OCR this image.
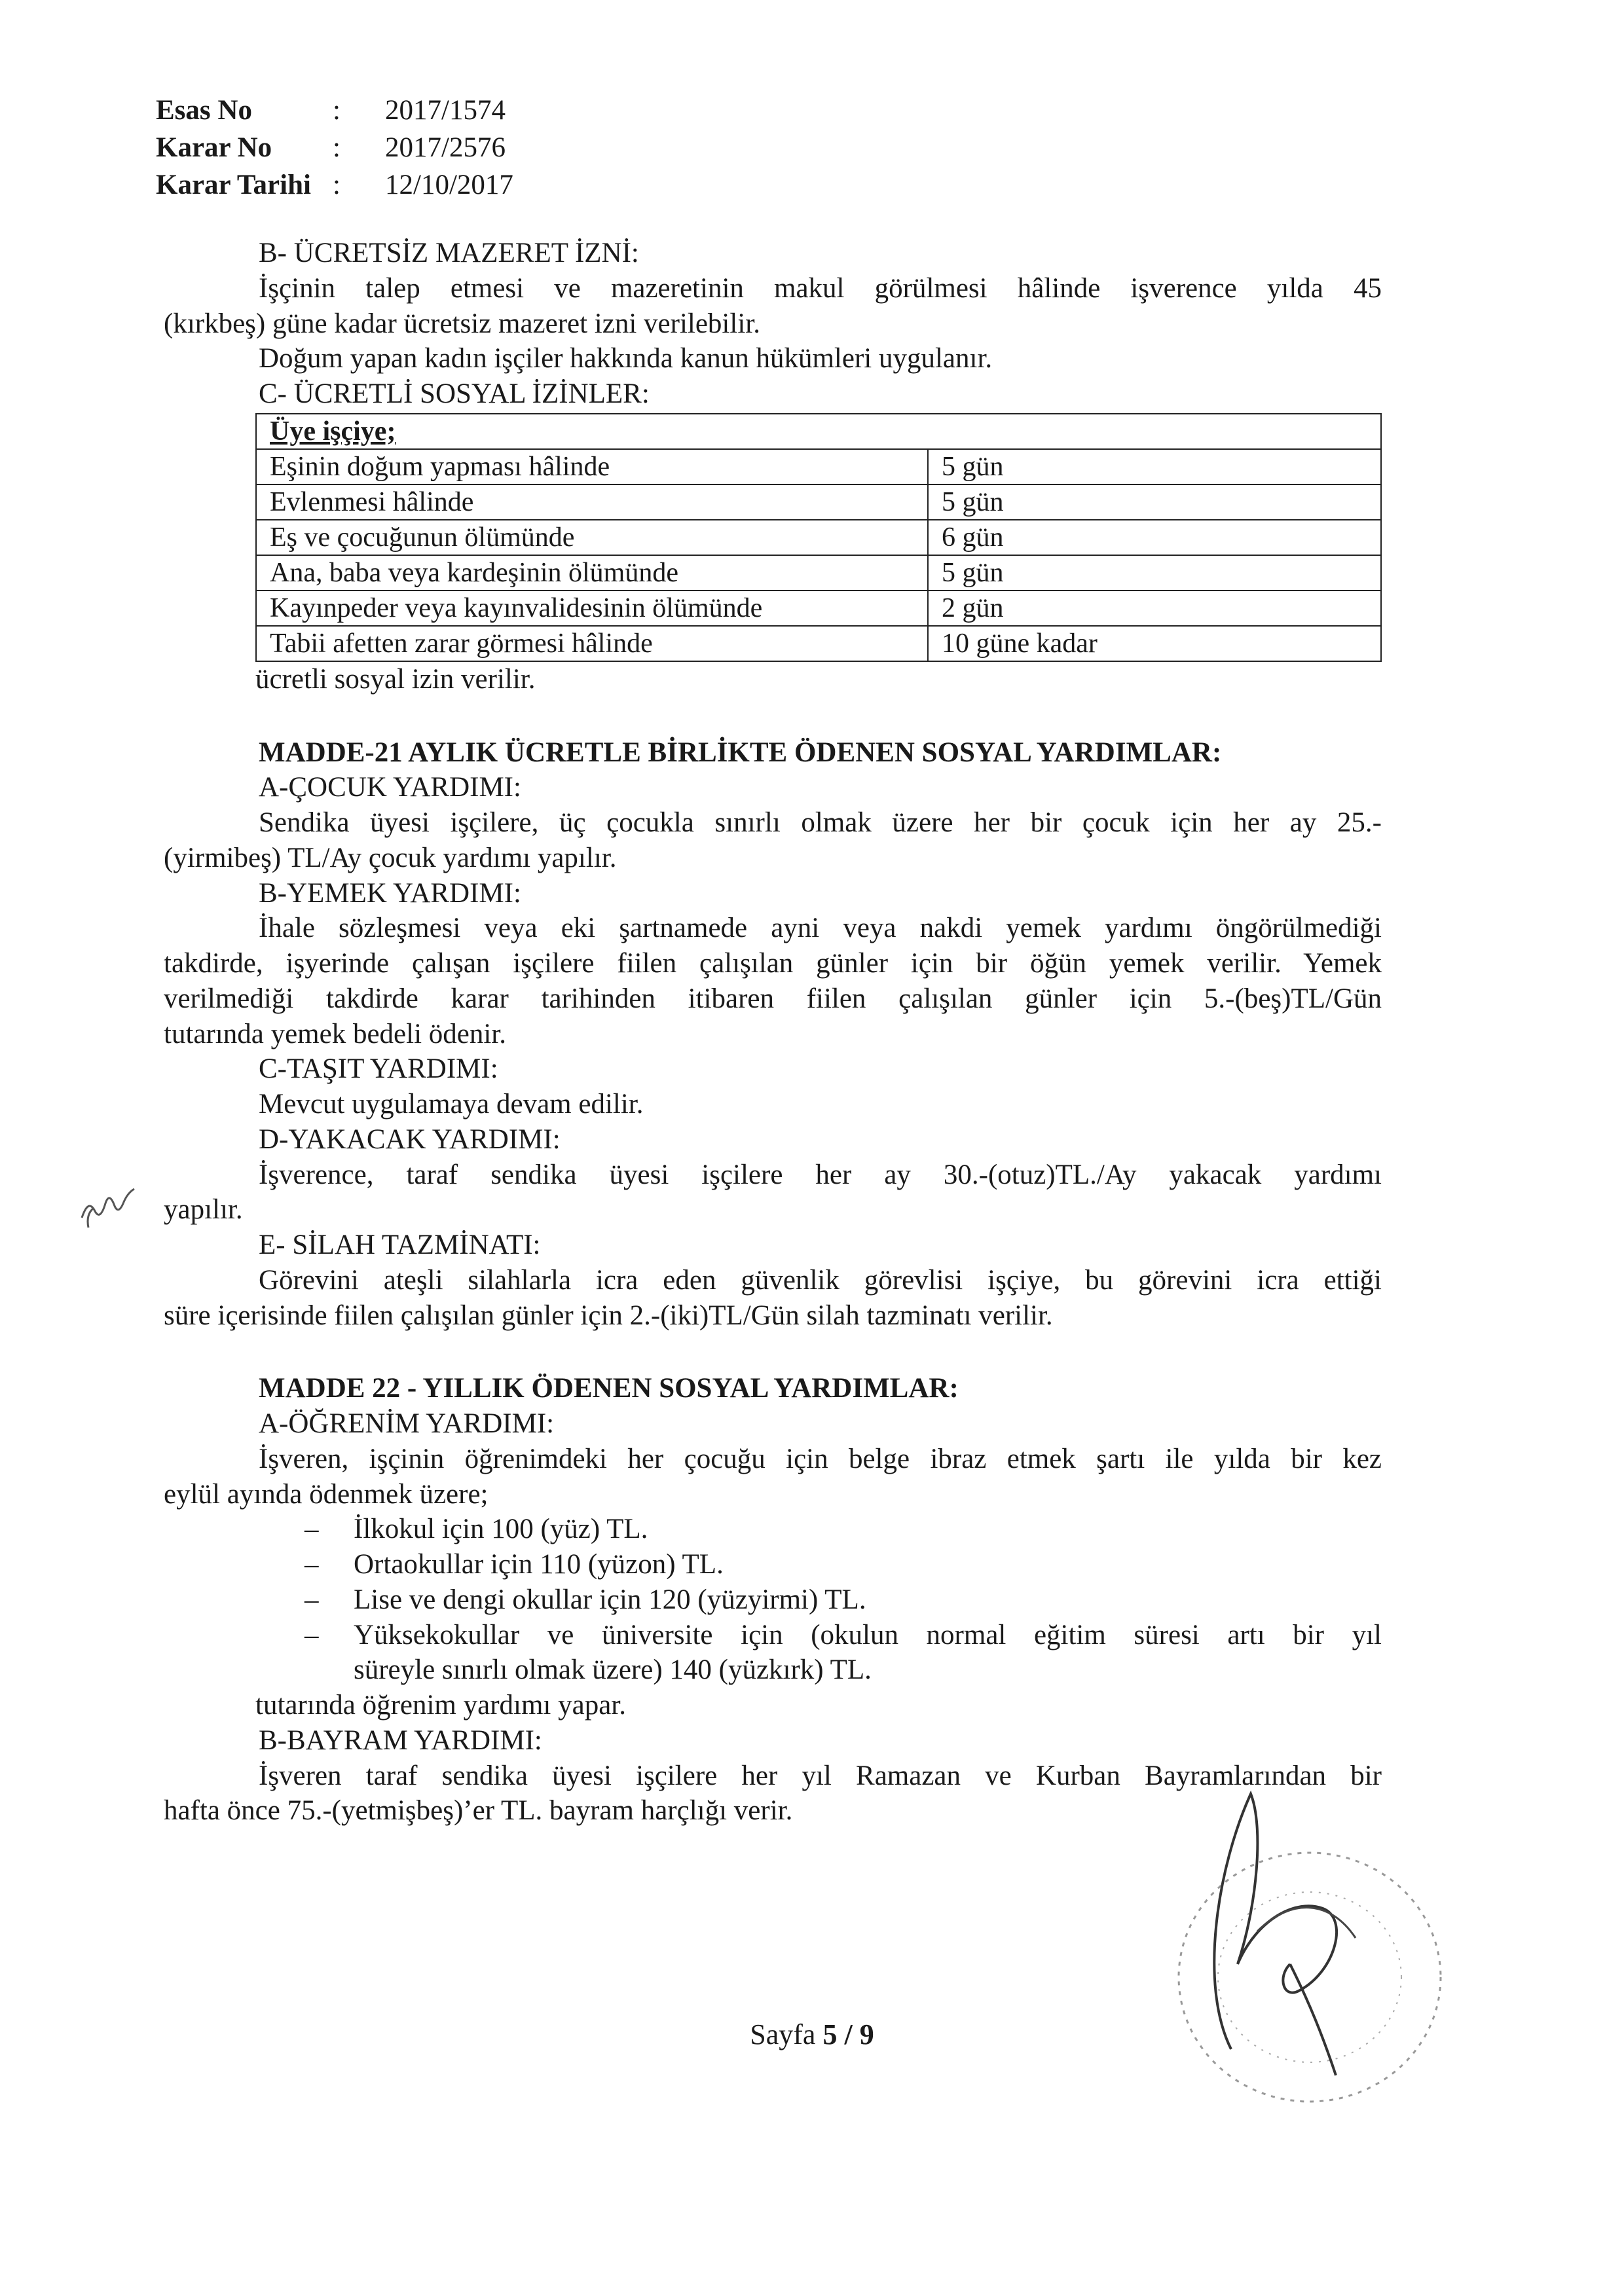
Esas No	:	2017/1574
Karar No	:	2017/2576
Karar Tarihi :	12/10/2017
B- ÜCRETSİZ MAZERET İZNİ:
İşçinin talep etmesi ve mazeretinin makul görülmesi hâlinde işverence yılda 45
(kırkbeş) güne kadar ücretsiz mazeret izni verilebilir.
Doğum yapan kadın işçiler hakkında kanun hükümleri uygulanır.
C- ÜCRETLİ SOSYAL İZİNLER:
Üye işçiye;	
Eşinin doğum yapması hâlinde	5 gün
Evlenmesi hâlinde	5 gün
Eş ve çocuğunun ölümünde	6 gün
Ana, baba veya kardeşinin ölümünde	5 gün
Kayınpeder veya kayınvalidesinin ölümünde	2 gün
Tabii afetten zarar görmesi hâlinde	10 güne kadar
ücretli sosyal izin verilir.
MADDE-21 AYLIK ÜCRETLE BİRLİKTE ÖDENEN SOSYAL YARDIMLAR:
A-ÇOCUK YARDIMI:
Sendika üyesi işçilere, üç çocukla sınırlı olmak üzere her bir çocuk için her ay 25.-
(yirmibeş) TL/Ay çocuk yardımı yapılır.
B-YEMEK YARDIMI:
İhale sözleşmesi veya eki şartnamede ayni veya nakdi yemek yardımı öngörülmediği
takdirde, işyerinde çalışan işçilere fiilen çalışılan günler için bir öğün yemek verilir. Yemek
verilmediği takdirde karar tarihinden itibaren fiilen çalışılan günler için 5.-(beş)TL/Gün
tutarında yemek bedeli ödenir.
C-TAŞIT YARDIMI:
Mevcut uygulamaya devam edilir.
D-YAKACAK YARDIMI:
İşverence, taraf sendika üyesi işçilere her ay 30.-(otuz)TL./Ay yakacak yardımı
yapılır.
E- SİLAH TAZMİNATI:
Görevini ateşli silahlarla icra eden güvenlik görevlisi işçiye, bu görevini icra ettiği
süre içerisinde fiilen çalışılan günler için 2.-(iki)TL/Gün silah tazminatı verilir.
MADDE 22 - YILLIK ÖDENEN SOSYAL YARDIMLAR:
A-ÖĞRENİM YARDIMI:
İşveren, işçinin öğrenimdeki her çocuğu için belge ibraz etmek şartı ile yılda bir kez
eylül ayında ödenmek üzere;
– İlkokul için 100 (yüz) TL.
– Ortaokullar için 110 (yüzon) TL.
– Lise ve dengi okullar için 120 (yüzyirmi) TL.
– Yüksekokullar ve üniversite için (okulun normal eğitim süresi artı bir yıl
süreyle sınırlı olmak üzere) 140 (yüzkırk) TL.
tutarında öğrenim yardımı yapar.
B-BAYRAM YARDIMI:
İşveren taraf sendika üyesi işçilere her yıl Ramazan ve Kurban Bayramlarından bir
hafta önce 75.-(yetmişbeş)’er TL. bayram harçlığı verir.
Sayfa 5 / 9
